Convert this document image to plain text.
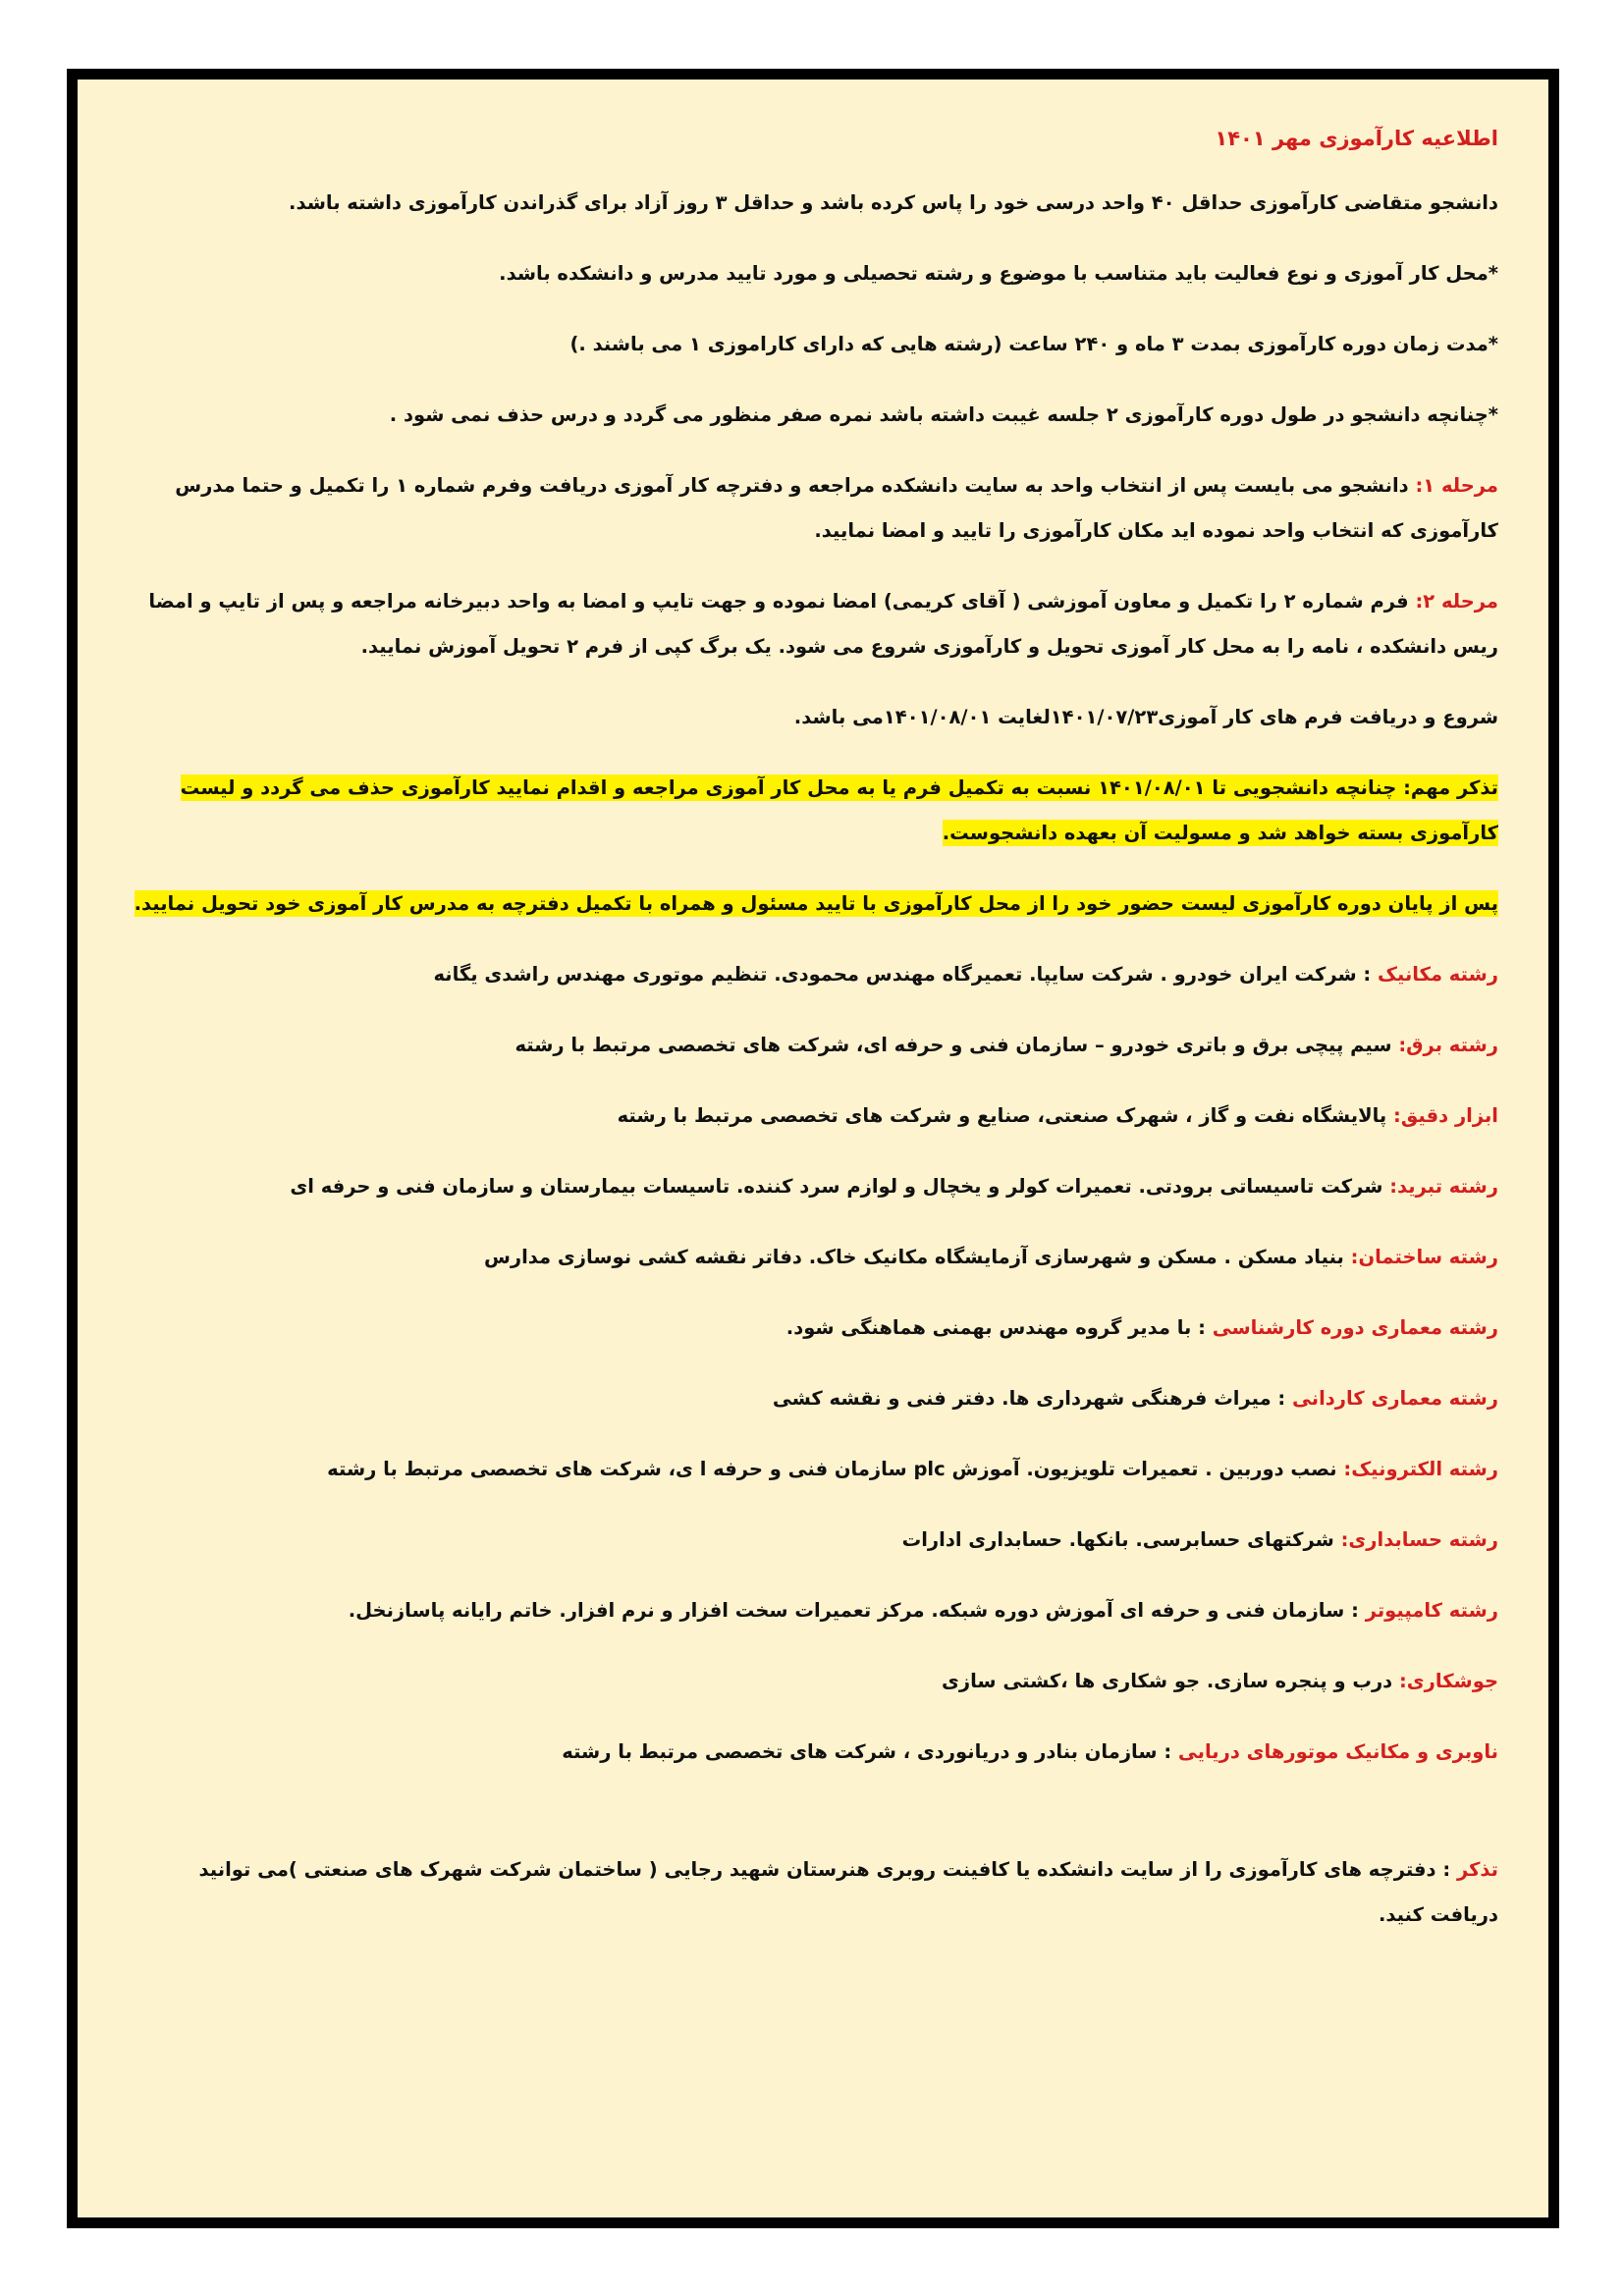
اطلاعیه کارآموزی مهر ۱۴۰۱

دانشجو متقاضی کارآموزی حداقل ۴۰ واحد درسی خود را پاس کرده باشد و حداقل ۳ روز آزاد برای گذراندن کارآموزی داشته باشد.

*محل کار آموزی و نوع فعالیت باید متناسب با موضوع و رشته تحصیلی و مورد تایید مدرس و دانشکده باشد.

*مدت زمان دوره کارآموزی بمدت ۳ ماه و ۲۴۰ ساعت (رشته هایی که دارای کاراموزی ۱ می باشند .)

*چنانچه دانشجو در طول دوره کارآموزی ۲ جلسه غیبت داشته باشد نمره صفر منظور می گردد و درس حذف نمی شود .

مرحله ۱: دانشجو می بایست پس از انتخاب واحد به سایت دانشکده مراجعه و دفترچه کار آموزی دریافت وفرم شماره ۱ را تکمیل و حتما مدرس کارآموزی که انتخاب واحد نموده اید مکان کارآموزی را تایید و امضا نمایید.

مرحله ۲: فرم شماره ۲ را تکمیل و معاون آموزشی ( آقای کریمی) امضا نموده و جهت تایپ و امضا به واحد دبیرخانه مراجعه و پس از تایپ و امضا ریس دانشکده ، نامه را به محل کار آموزی تحویل و کارآموزی شروع می شود. یک برگ کپی از فرم ۲ تحویل آموزش نمایید.

شروع و دریافت فرم های کار آموزی۱۴۰۱/۰۷/۲۳لغایت ۱۴۰۱/۰۸/۰۱می باشد.

تذکر مهم: چنانچه دانشجویی تا ۱۴۰۱/۰۸/۰۱ نسبت به تکمیل فرم یا به محل کار آموزی مراجعه و اقدام نمایید کارآموزی حذف می گردد و لیست کارآموزی بسته خواهد شد و مسولیت آن بعهده دانشجوست.

پس از پایان دوره کارآموزی لیست حضور خود را از محل کارآموزی با تایید مسئول و همراه با تکمیل دفترچه به مدرس کار آموزی خود تحویل نمایید.

رشته مکانیک : شرکت ایران خودرو . شرکت سایپا. تعمیرگاه مهندس محمودی. تنظیم موتوری مهندس راشدی یگانه

رشته برق: سیم پیچی برق و باتری خودرو – سازمان فنی و حرفه ای، شرکت های تخصصی مرتبط با رشته

ابزار دقیق: پالایشگاه نفت و گاز ، شهرک صنعتی، صنایع و شرکت های تخصصی مرتبط با رشته

رشته تبرید: شرکت تاسیساتی برودتی. تعمیرات کولر و یخچال و لوازم سرد کننده. تاسیسات بیمارستان و سازمان فنی و حرفه ای

رشته ساختمان: بنیاد مسکن . مسکن و شهرسازی آزمایشگاه مکانیک خاک. دفاتر نقشه کشی نوسازی مدارس

رشته معماری دوره کارشناسی : با مدیر گروه مهندس بهمنی هماهنگی شود.

رشته معماری کاردانی : میراث فرهنگی شهرداری ها. دفتر فنی و نقشه کشی

رشته الکترونیک: نصب دوربین . تعمیرات تلویزیون. آموزش plc سازمان فنی و حرفه ا ی، شرکت های تخصصی مرتبط با رشته

رشته حسابداری: شرکتهای حسابرسی. بانکها. حسابداری ادارات

رشته کامپیوتر : سازمان فنی و حرفه ای آموزش دوره شبکه. مرکز تعمیرات سخت افزار و نرم افزار. خاتم رایانه پاسازنخل.

جوشکاری: درب و پنجره سازی. جو شکاری ها ،کشتی سازی

ناوبری و مکانیک موتورهای دریایی : سازمان بنادر و دریانوردی ، شرکت های تخصصی مرتبط با رشته

تذکر : دفترچه های کارآموزی را از سایت دانشکده یا کافینت روبری هنرستان شهید رجایی ( ساختمان شرکت شهرک های صنعتی )می توانید دریافت کنید.
